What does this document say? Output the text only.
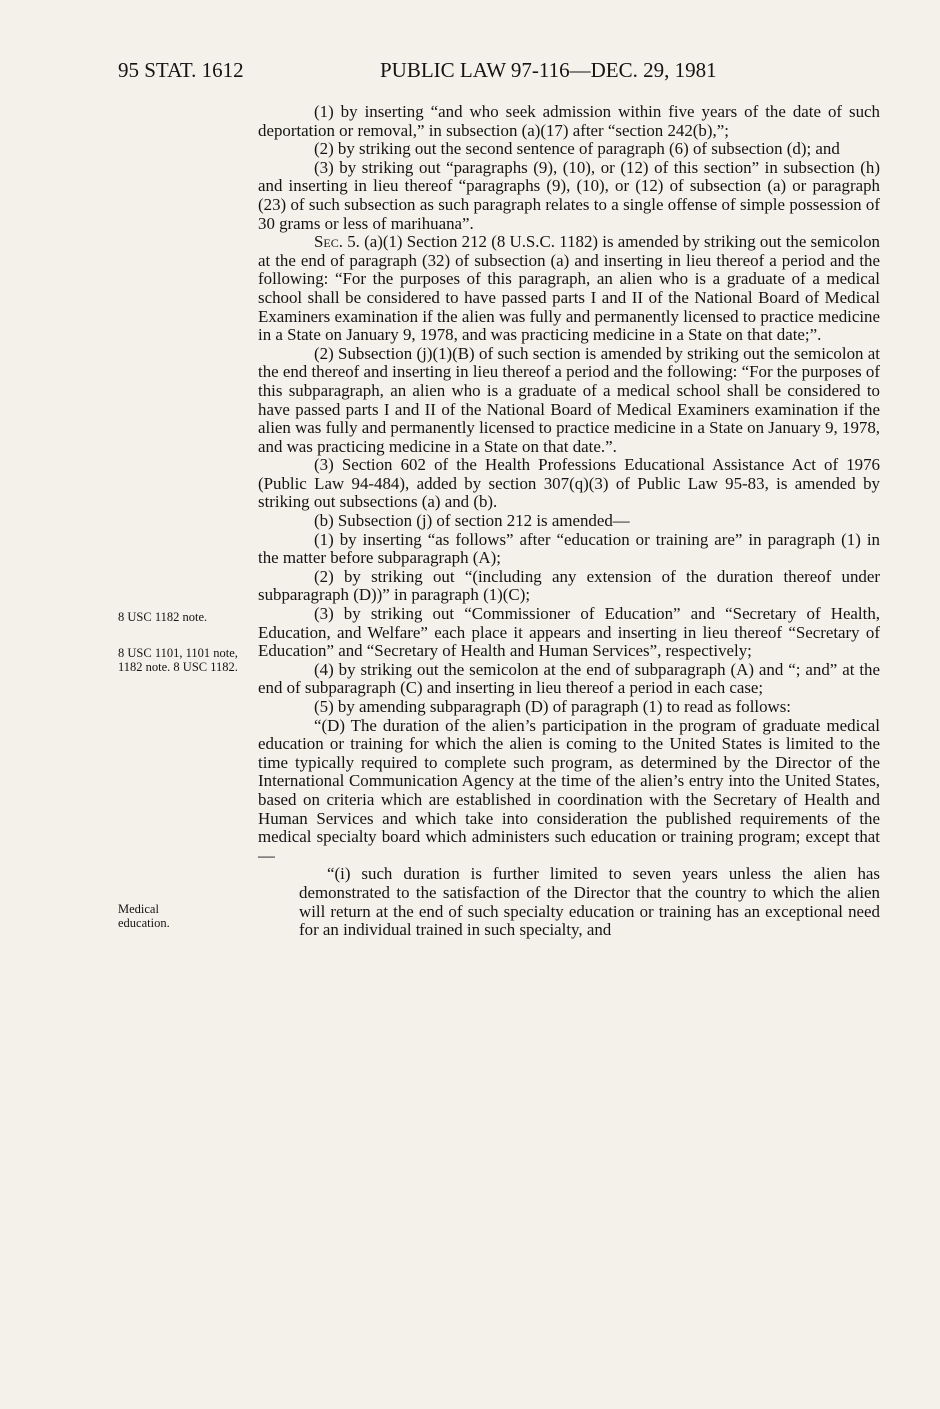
95 STAT. 1612	PUBLIC LAW 97-116—DEC. 29, 1981
8 USC 1182 note.
8 USC 1101, 1101 note, 1182 note. 8 USC 1182.
Medical education.

(1) by inserting “and who seek admission within five years of the date of such deportation or removal,” in subsection (a)(17) after “section 242(b),”;

(2) by striking out the second sentence of paragraph (6) of subsection (d); and

(3) by striking out “paragraphs (9), (10), or (12) of this section” in subsection (h) and inserting in lieu thereof “paragraphs (9), (10), or (12) of subsection (a) or paragraph (23) of such subsection as such paragraph relates to a single offense of simple possession of 30 grams or less of marihuana”.

Sec. 5. (a)(1) Section 212 (8 U.S.C. 1182) is amended by striking out the semicolon at the end of paragraph (32) of subsection (a) and inserting in lieu thereof a period and the following: “For the purposes of this paragraph, an alien who is a graduate of a medical school shall be considered to have passed parts I and II of the National Board of Medical Examiners examination if the alien was fully and permanently licensed to practice medicine in a State on January 9, 1978, and was practicing medicine in a State on that date;”.

(2) Subsection (j)(1)(B) of such section is amended by striking out the semicolon at the end thereof and inserting in lieu thereof a period and the following: “For the purposes of this subparagraph, an alien who is a graduate of a medical school shall be considered to have passed parts I and II of the National Board of Medical Examiners examination if the alien was fully and permanently licensed to practice medicine in a State on January 9, 1978, and was practicing medicine in a State on that date.”.

(3) Section 602 of the Health Professions Educational Assistance Act of 1976 (Public Law 94-484), added by section 307(q)(3) of Public Law 95-83, is amended by striking out subsections (a) and (b).

(b) Subsection (j) of section 212 is amended—

(1) by inserting “as follows” after “education or training are” in paragraph (1) in the matter before subparagraph (A);

(2) by striking out “(including any extension of the duration thereof under subparagraph (D))” in paragraph (1)(C);

(3) by striking out “Commissioner of Education” and “Secretary of Health, Education, and Welfare” each place it appears and inserting in lieu thereof “Secretary of Education” and “Secretary of Health and Human Services”, respectively;

(4) by striking out the semicolon at the end of subparagraph (A) and “; and” at the end of subparagraph (C) and inserting in lieu thereof a period in each case;

(5) by amending subparagraph (D) of paragraph (1) to read as follows:

“(D) The duration of the alien’s participation in the program of graduate medical education or training for which the alien is coming to the United States is limited to the time typically required to complete such program, as determined by the Director of the International Communication Agency at the time of the alien’s entry into the United States, based on criteria which are established in coordination with the Secretary of Health and Human Services and which take into consideration the published requirements of the medical specialty board which administers such education or training program; except that—

“(i) such duration is further limited to seven years unless the alien has demonstrated to the satisfaction of the Director that the country to which the alien will return at the end of such specialty education or training has an exceptional need for an individual trained in such specialty, and
